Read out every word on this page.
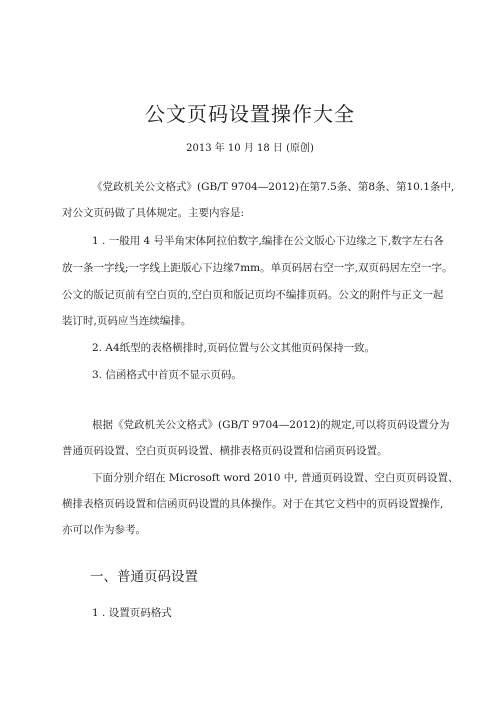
公文页码设置操作大全
2013 年 10 月 18 日 (原创)
《党政机关公文格式》(GB/T 9704—2012)在第7.5条、第8条、第10.1条中,
对公文页码做了具体规定。主要内容是:
1 . 一般用 4 号半角宋体阿拉伯数字,编排在公文版心下边缘之下,数字左右各
放一条一字线;一字线上距版心下边缘7mm。单页码居右空一字,双页码居左空一字。
公文的版记页前有空白页的,空白页和版记页均不编排页码。公文的附件与正文一起
装订时,页码应当连续编排。
2. A4纸型的表格横排时,页码位置与公文其他页码保持一致。
3. 信函格式中首页不显示页码。
根据《党政机关公文格式》(GB/T 9704—2012)的规定,可以将页码设置分为
普通页码设置、空白页页码设置、横排表格页码设置和信函页码设置。
下面分别介绍在 Microsoft word 2010 中, 普通页码设置、空白页页码设置、
横排表格页码设置和信函页码设置的具体操作。对于在其它文档中的页码设置操作,
亦可以作为参考。
一、普通页码设置
1 . 设置页码格式
